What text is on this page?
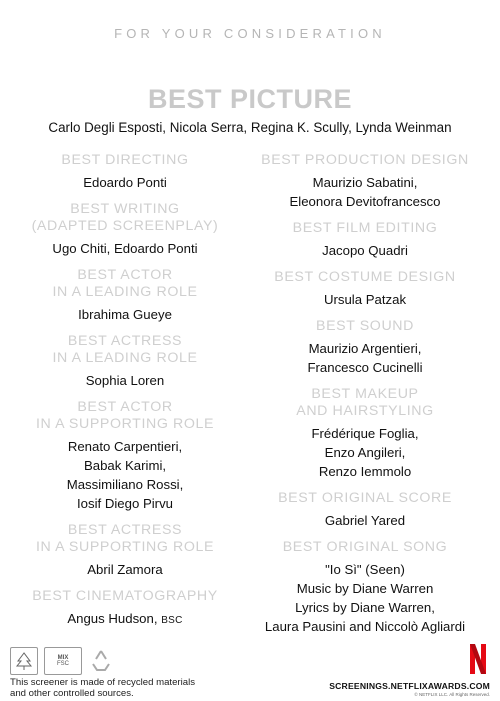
FOR YOUR CONSIDERATION
BEST PICTURE
Carlo Degli Esposti, Nicola Serra, Regina K. Scully, Lynda Weinman
BEST DIRECTING
Edoardo Ponti
BEST WRITING
(ADAPTED SCREENPLAY)
Ugo Chiti, Edoardo Ponti
BEST ACTOR
IN A LEADING ROLE
Ibrahima Gueye
BEST ACTRESS
IN A LEADING ROLE
Sophia Loren
BEST ACTOR
IN A SUPPORTING ROLE
Renato Carpentieri,
Babak Karimi,
Massimiliano Rossi,
Iosif Diego Pirvu
BEST ACTRESS
IN A SUPPORTING ROLE
Abril Zamora
BEST CINEMATOGRAPHY
Angus Hudson, BSC
BEST PRODUCTION DESIGN
Maurizio Sabatini,
Eleonora Devitofrancesco
BEST FILM EDITING
Jacopo Quadri
BEST COSTUME DESIGN
Ursula Patzak
BEST SOUND
Maurizio Argentieri,
Francesco Cucinelli
BEST MAKEUP
AND HAIRSTYLING
Frédérique Foglia,
Enzo Angileri,
Renzo Iemmolo
BEST ORIGINAL SCORE
Gabriel Yared
BEST ORIGINAL SONG
"Io Sì" (Seen)
Music by Diane Warren
Lyrics by Diane Warren,
Laura Pausini and Niccolò Agliardi
MIX
FSC
This screener is made of recycled materials
and other controlled sources.
SCREENINGS.NETFLIXAWARDS.COM
© NETFLIX LLC. All Rights Reserved.
